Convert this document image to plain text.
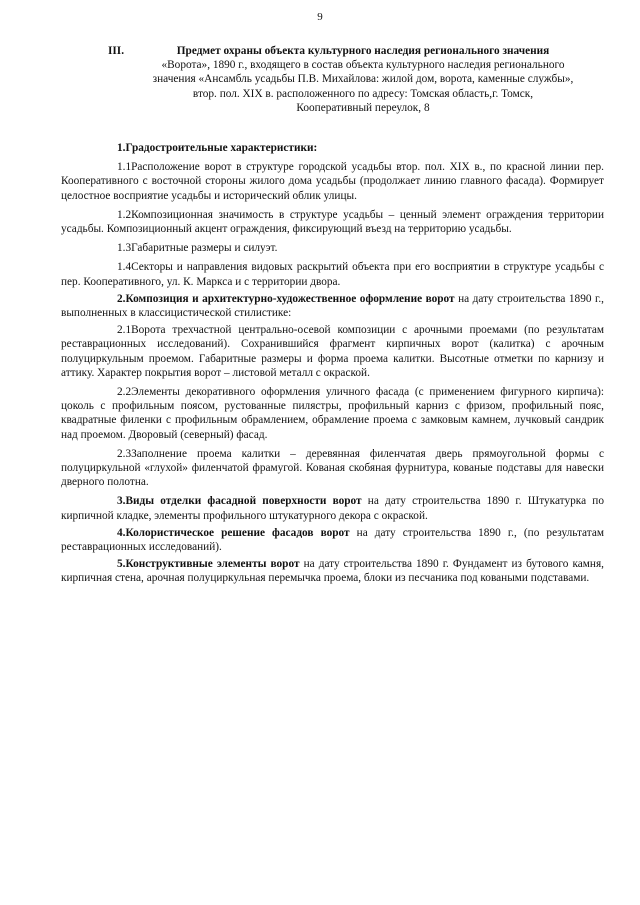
9
III.	Предмет охраны объекта культурного наследия регионального значения
«Ворота», 1890 г., входящего в состав объекта культурного наследия регионального
значения «Ансамбль усадьбы П.В. Михайлова: жилой дом, ворота, каменные службы»,
втор. пол. XIX в. расположенного по адресу: Томская область,г. Томск,
Кооперативный переулок, 8

1.Градостроительные характеристики:

1.1Расположение ворот в структуре городской усадьбы втор. пол. XIX в., по красной линии пер. Кооперативного с восточной стороны жилого дома усадьбы (продолжает линию главного фасада). Формирует целостное восприятие усадьбы и исторический облик улицы.

1.2Композиционная значимость в структуре усадьбы – ценный элемент ограждения территории усадьбы. Композиционный акцент ограждения, фиксирующий въезд на территорию усадьбы.

1.3Габаритные размеры и силуэт.

1.4Секторы и направления видовых раскрытий объекта при его восприятии в структуре усадьбы с пер. Кооперативного, ул. К. Маркса и с территории двора.

2.Композиция и архитектурно-художественное оформление ворот на дату строительства 1890 г., выполненных в классицистической стилистике:

2.1Ворота трехчастной центрально-осевой композиции с арочными проемами (по результатам реставрационных исследований). Сохранившийся фрагмент кирпичных ворот (калитка) с арочным полуциркульным проемом. Габаритные размеры и форма проема калитки. Высотные отметки по карнизу и аттику. Характер покрытия ворот – листовой металл с окраской.

2.2Элементы декоративного оформления уличного фасада (с применением фигурного кирпича): цоколь с профильным поясом, рустованные пилястры, профильный карниз с фризом, профильный пояс, квадратные филенки с профильным обрамлением, обрамление проема с замковым камнем, лучковый сандрик над проемом. Дворовый (северный) фасад.

2.3Заполнение проема калитки – деревянная филенчатая дверь прямоугольной формы с полуциркульной «глухой» филенчатой фрамугой. Кованая скобяная фурнитура, кованые подставы для навески дверного полотна.

3.Виды отделки фасадной поверхности ворот на дату строительства 1890 г. Штукатурка по кирпичной кладке, элементы профильного штукатурного декора с окраской.

4.Колористическое решение фасадов ворот на дату строительства 1890 г., (по результатам реставрационных исследований).

5.Конструктивные элементы ворот на дату строительства 1890 г. Фундамент из бутового камня, кирпичная стена, арочная полуциркульная перемычка проема, блоки из песчаника под коваными подставами.
